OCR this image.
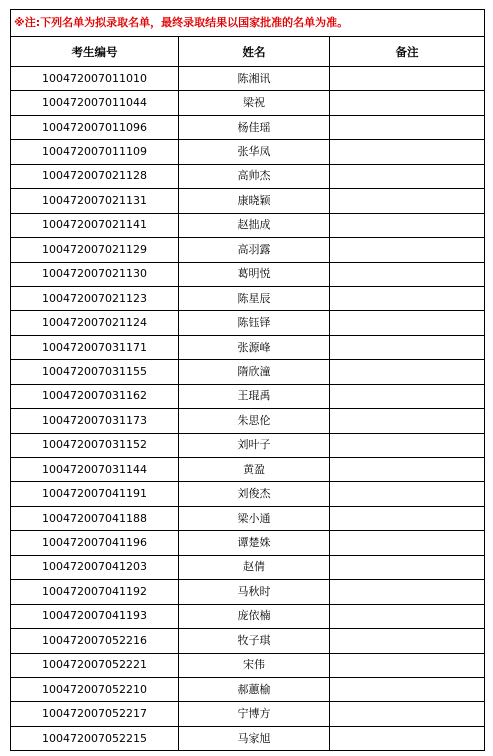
※注:下列名单为拟录取名单，最终录取结果以国家批准的名单为准。		
考生编号	姓名	备注
100472007011010	陈湘讯	
100472007011044	梁祝	
100472007011096	杨佳瑶	
100472007011109	张华凤	
100472007021128	高帅杰	
100472007021131	康晓颖	
100472007021141	赵拙成	
100472007021129	高羽露	
100472007021130	葛明悦	
100472007021123	陈星辰	
100472007021124	陈钰铎	
100472007031171	张源峰	
100472007031155	隋欣潼	
100472007031162	王琨禹	
100472007031173	朱思伦	
100472007031152	刘叶子	
100472007031144	黄盈	
100472007041191	刘俊杰	
100472007041188	梁小通	
100472007041196	谭楚姝	
100472007041203	赵倩	
100472007041192	马秋时	
100472007041193	庞依楠	
100472007052216	牧子琪	
100472007052221	宋伟	
100472007052210	郝蕙榆	
100472007052217	宁博方	
100472007052215	马家旭	
